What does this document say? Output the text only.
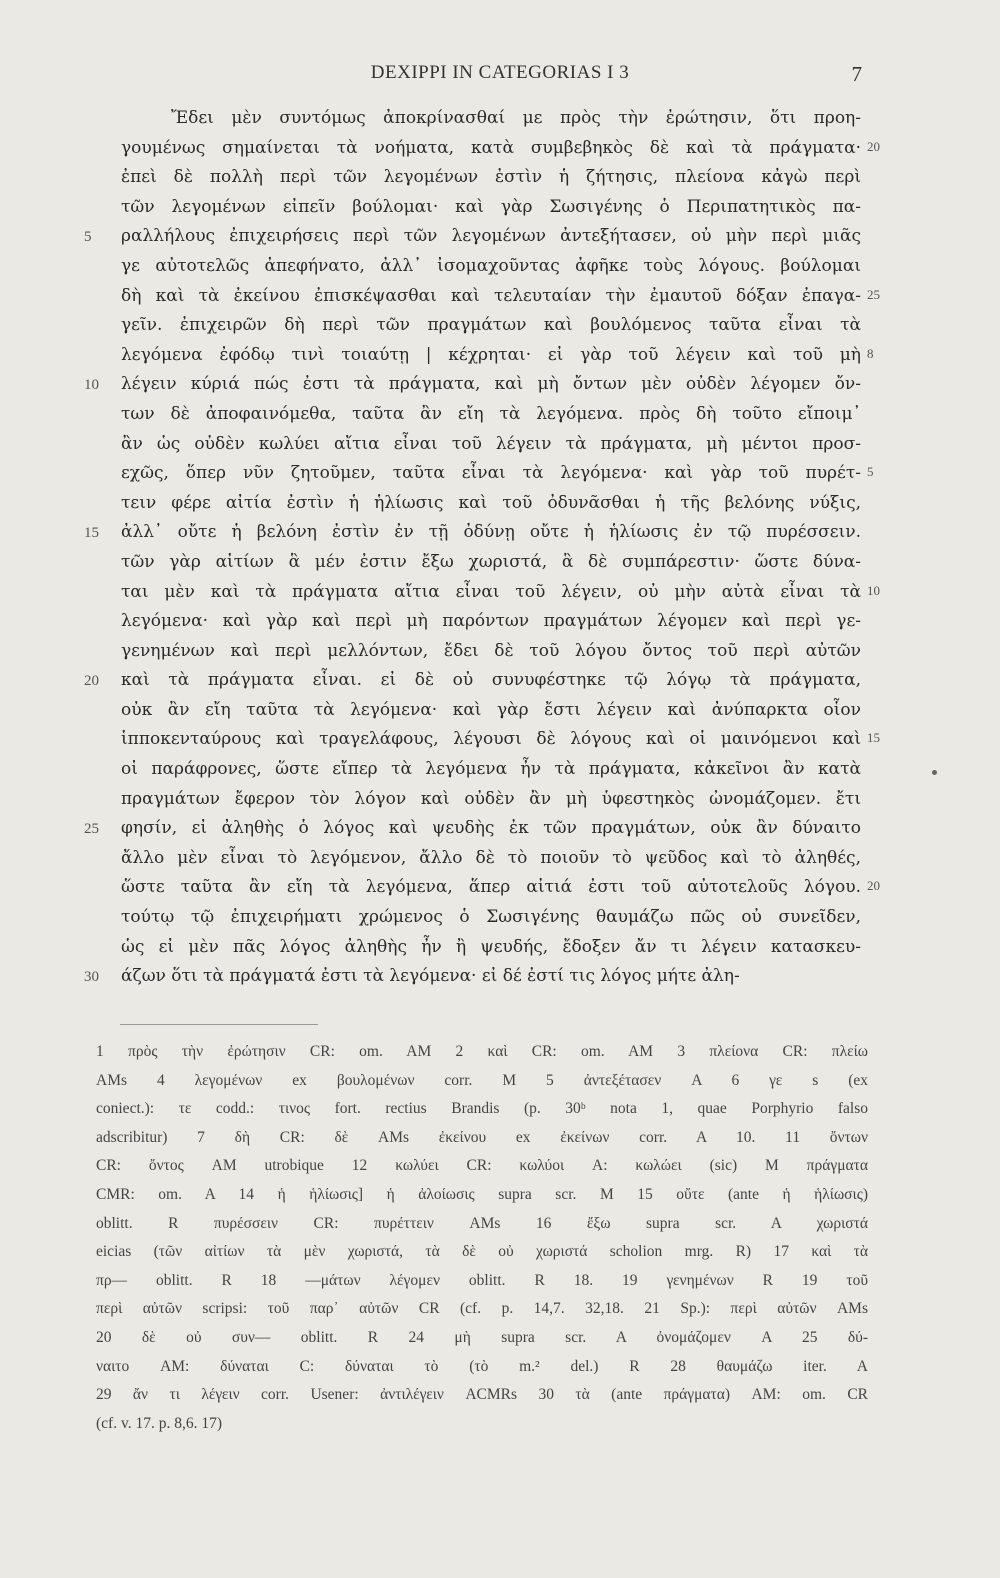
DEXIPPI IN CATEGORIAS I 3	7
Ἔδει μὲν συντόμως ἀποκρίνασθαί με πρὸς τὴν ἐρώτησιν, ὅτι προη-
γουμένως σημαίνεται τὰ νοήματα, κατὰ συμβεβηκὸς δὲ καὶ τὰ πράγματα· 20
ἐπεὶ δὲ πολλὴ περὶ τῶν λεγομένων ἐστὶν ἡ ζήτησις, πλείονα κἀγὼ περὶ
τῶν λεγομένων εἰπεῖν βούλομαι· καὶ γὰρ Σωσιγένης ὁ Περιπατητικὸς πα-
5	ραλλήλους ἐπιχειρήσεις περὶ τῶν λεγομένων ἀντεξήτασεν, οὐ μὴν περὶ μιᾶς
γε αὐτοτελῶς ἀπεφήνατο, ἀλλ᾽ ἰσομαχοῦντας ἀφῆκε τοὺς λόγους. βούλομαι
δὴ καὶ τὰ ἐκείνου ἐπισκέψασθαι καὶ τελευταίαν τὴν ἐμαυτοῦ δόξαν ἐπαγα- 25
γεῖν. ἐπιχειρῶν δὴ περὶ τῶν πραγμάτων καὶ βουλόμενος ταῦτα εἶναι τὰ
λεγόμενα ἐφόδῳ τινὶ τοιαύτῃ | κέχρηται· εἰ γὰρ τοῦ λέγειν καὶ τοῦ μὴ 8
10	λέγειν κύριά πώς ἐστι τὰ πράγματα, καὶ μὴ ὄντων μὲν οὐδὲν λέγομεν ὄν-
των δὲ ἀποφαινόμεθα, ταῦτα ἂν εἴη τὰ λεγόμενα. πρὸς δὴ τοῦτο εἴποιμ᾽
ἂν ὡς οὐδὲν κωλύει αἴτια εἶναι τοῦ λέγειν τὰ πράγματα, μὴ μέντοι προσ-
εχῶς, ὅπερ νῦν ζητοῦμεν, ταῦτα εἶναι τὰ λεγόμενα· καὶ γὰρ τοῦ πυρέτ- 5
τειν φέρε αἰτία ἐστὶν ἡ ἡλίωσις καὶ τοῦ ὀδυνᾶσθαι ἡ τῆς βελόνης νύξις,
15	ἀλλ᾽ οὔτε ἡ βελόνη ἐστὶν ἐν τῇ ὀδύνῃ οὔτε ἡ ἡλίωσις ἐν τῷ πυρέσσειν.
τῶν γὰρ αἰτίων ἃ μέν ἐστιν ἔξω χωριστά, ἃ δὲ συμπάρεστιν· ὥστε δύνα-
ται μὲν καὶ τὰ πράγματα αἴτια εἶναι τοῦ λέγειν, οὐ μὴν αὐτὰ εἶναι τὰ 10
λεγόμενα· καὶ γὰρ καὶ περὶ μὴ παρόντων πραγμάτων λέγομεν καὶ περὶ γε-
γενημένων καὶ περὶ μελλόντων, ἔδει δὲ τοῦ λόγου ὄντος τοῦ περὶ αὐτῶν
20	καὶ τὰ πράγματα εἶναι. εἰ δὲ οὐ συνυφέστηκε τῷ λόγῳ τὰ πράγματα,
οὐκ ἂν εἴη ταῦτα τὰ λεγόμενα· καὶ γὰρ ἔστι λέγειν καὶ ἀνύπαρκτα οἷον
ἱπποκενταύρους καὶ τραγελάφους, λέγουσι δὲ λόγους καὶ οἱ μαινόμενοι καὶ 15
οἱ παράφρονες, ὥστε εἴπερ τὰ λεγόμενα ἦν τὰ πράγματα, κἀκεῖνοι ἂν κατὰ
πραγμάτων ἔφερον τὸν λόγον καὶ οὐδὲν ἂν μὴ ὑφεστηκὸς ὠνομάζομεν. ἔτι
25	φησίν, εἰ ἀληθὴς ὁ λόγος καὶ ψευδὴς ἐκ τῶν πραγμάτων, οὐκ ἂν δύναιτο
ἄλλο μὲν εἶναι τὸ λεγόμενον, ἄλλο δὲ τὸ ποιοῦν τὸ ψεῦδος καὶ τὸ ἀληθές,
ὥστε ταῦτα ἂν εἴη τὰ λεγόμενα, ἅπερ αἰτιά ἐστι τοῦ αὐτοτελοῦς λόγου. 20
τούτῳ τῷ ἐπιχειρήματι χρώμενος ὁ Σωσιγένης θαυμάζω πῶς οὐ συνεῖδεν,
ὡς εἰ μὲν πᾶς λόγος ἀληθὴς ἦν ἢ ψευδής, ἔδοξεν ἄν τι λέγειν κατασκευ-
30	άζων ὅτι τὰ πράγματά ἐστι τὰ λεγόμενα· εἰ δέ ἐστί τις λόγος μήτε ἀλη-
1 πρὸς τὴν ἐρώτησιν CR: om. AM 2 καὶ CR: om. AM 3 πλείονα CR: πλείω
AMs 4 λεγομένων ex βουλομένων corr. M 5 ἀντεξέτασεν A 6 γε s (ex
coniect.): τε codd.: τινος fort. rectius Brandis (p. 30ᵇ nota 1, quae Porphyrio falso
adscribitur) 7 δὴ CR: δὲ AMs ἐκείνου ex ἐκείνων corr. A 10. 11 ὄντων
CR: ὄντος AM utrobique 12 κωλύει CR: κωλύοι A: κωλώει (sic) M πράγματα
CMR: om. A 14 ἡ ἡλίωσις] ἡ ἀλοίωσις supra scr. M 15 οὔτε (ante ἡ ἡλίωσις)
oblitt. R πυρέσσειν CR: πυρέττειν AMs 16 ἔξω supra scr. A χωριστά
eicias (τῶν αἰτίων τὰ μὲν χωριστά, τὰ δὲ οὐ χωριστά scholion mrg. R) 17 καὶ τὰ
πρ— oblitt. R 18 —μάτων λέγομεν oblitt. R 18. 19 γενημένων R 19 τοῦ
περὶ αὐτῶν scripsi: τοῦ παρ᾽ αὐτῶν CR (cf. p. 14,7. 32,18. 21 Sp.): περὶ αὐτῶν AMs
20 δὲ οὐ συν— oblitt. R 24 μὴ supra scr. A ὀνομάζομεν A 25 δύ-
ναιτο AM: δύναται C: δύναται τὸ (τὸ m.² del.) R 28 θαυμάζω iter. A
29 ἄν τι λέγειν corr. Usener: ἀντιλέγειν ACMRs 30 τὰ (ante πράγματα) AM: om. CR
(cf. v. 17. p. 8,6. 17)
